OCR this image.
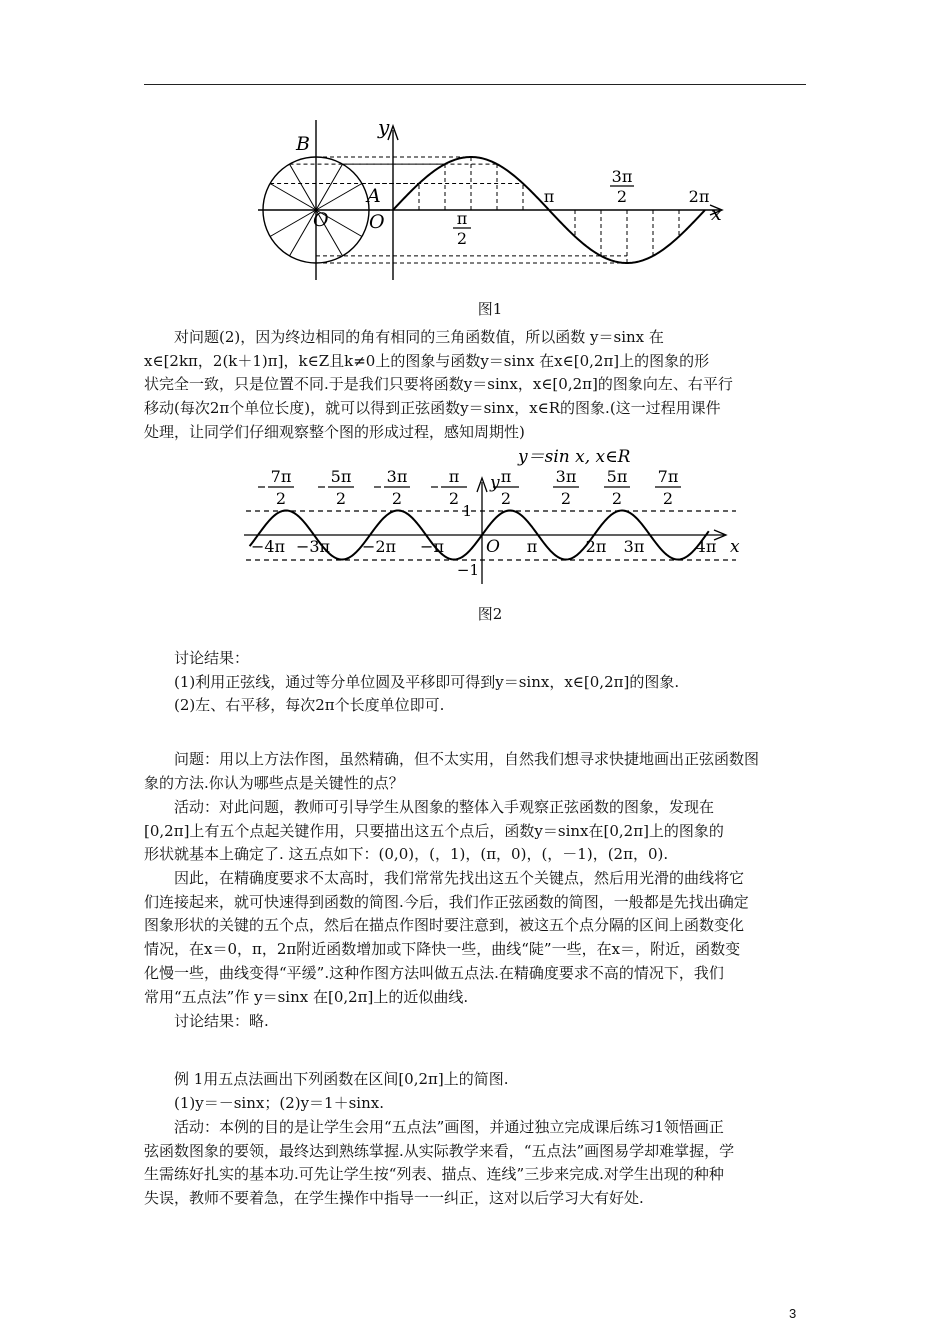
y
B
A
O O	x
π
2
π
3π
2	2π
图1

对问题(2)，因为终边相同的角有相同的三角函数值，所以函数 y＝sinx 在
x∈[2kπ，2(k＋1)π]，k∈Z且k≠0上的图象与函数y＝sinx 在x∈[0,2π]上的图象的形
状完全一致，只是位置不同.于是我们只要将函数y＝sinx，x∈[0,2π]的图象向左、右平行
移动(每次2π个单位长度)，就可以得到正弦函数y＝sinx，x∈R的图象.(这一过程用课件
处理，让同学们仔细观察整个图的形成过程，感知周期性)

y＝sin x, x∈R
7π
2
5π
2
3π
2
π
2
π
2
3π
2
5π
2
7π
2
−4π −3π −2π −π O π	2π 3π	4π
y
x
1
−1
图2

讨论结果：
(1)利用正弦线，通过等分单位圆及平移即可得到y＝sinx，x∈[0,2π]的图象.
(2)左、右平移，每次2π个长度单位即可.

问题：用以上方法作图，虽然精确，但不太实用，自然我们想寻求快捷地画出正弦函数图
象的方法.你认为哪些点是关键性的点？

活动：对此问题，教师可引导学生从图象的整体入手观察正弦函数的图象，发现在
[0,2π]上有五个点起关键作用，只要描出这五个点后，函数y＝sinx在[0,2π]上的图象的
形状就基本上确定了. 这五点如下：(0,0)，(，1)，(π，0)，(，－1)，(2π，0).

因此，在精确度要求不太高时，我们常常先找出这五个关键点，然后用光滑的曲线将它
们连接起来，就可快速得到函数的简图.今后，我们作正弦函数的简图，一般都是先找出确定
图象形状的关键的五个点，然后在描点作图时要注意到，被这五个点分隔的区间上函数变化
情况，在x＝0，π，2π附近函数增加或下降快一些，曲线“陡”一些，在x＝，附近，函数变
化慢一些，曲线变得“平缓”.这种作图方法叫做五点法.在精确度要求不高的情况下，我们
常用“五点法”作 y＝sinx 在[0,2π]上的近似曲线.

讨论结果：略.

例 1用五点法画出下列函数在区间[0,2π]上的简图.
(1)y＝－sinx；(2)y＝1＋sinx.

活动：本例的目的是让学生会用“五点法”画图，并通过独立完成课后练习1领悟画正
弦函数图象的要领，最终达到熟练掌握.从实际教学来看，“五点法”画图易学却难掌握，学
生需练好扎实的基本功.可先让学生按“列表、描点、连线”三步来完成.对学生出现的种种
失误，教师不要着急，在学生操作中指导一一纠正，这对以后学习大有好处.

3
